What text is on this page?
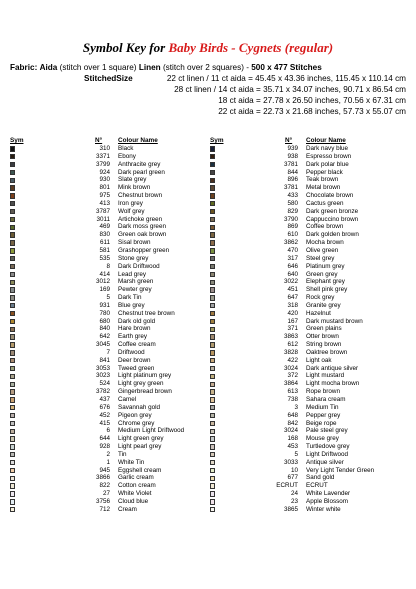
Symbol Key for Baby Birds - Cygnets (regular)
Fabric: Aida (stitch over 1 square) Linen (stitch over 2 squares) - 500 x 477 Stitches
StitchedSize	22 ct linen / 11 ct aida = 45.45 x 43.36 inches, 115.45 x 110.14 cm
28 ct linen / 14 ct aida = 35.71 x 34.07 inches, 90.71 x 86.54 cm
18 ct aida = 27.78 x 26.50 inches, 70.56 x 67.31 cm
22 ct aida = 22.73 x 21.68 inches, 57.73 x 55.07 cm
Sym	N° Colour Name	Sym	N° Colour Name
310 Black
3371 Ebony
3799 Anthracite grey
924 Dark pearl green
930 Slate grey
801 Mink brown
975 Chestnut brown
413 Iron grey
3787 Wolf grey
3011 Artichoke green
469 Dark moss green
830 Green oak brown
611 Sisal brown
581 Grashopper green
535 Stone grey
8 Dark Driftwood
414 Lead grey
3012 Marsh green
169 Pewter grey
5 Dark Tin
931 Blue grey
780 Chestnut tree brown
680 Dark old gold
840 Hare brown
642 Earth grey
3045 Coffee cream
7 Driftwood
841 Deer brown
3053 Tweed green
3023 Light platinum grey
524 Light grey green
3782 Gingerbread brown
437 Camel
676 Savannah gold
452 Pigeon grey
415 Chrome grey
6 Medium Light Driftwood
644 Light green grey
928 Light pearl grey
2 Tin
1 White Tin
945 Eggshell cream
3866 Garlic cream
822 Cotton cream
27 White Violet
3756 Cloud blue
712 Cream
939 Dark navy blue
938 Espresso brown
3781 Dark polar blue
844 Pepper black
896 Teak brown
3781 Metal brown
433 Chocolate brown
580 Cactus green
829 Dark green bronze
3790 Cappuccino brown
869 Coffee brown
610 Dark golden brown
3862 Mocha brown
470 Olive green
317 Steel grey
646 Platinum grey
640 Green grey
3022 Elephant grey
451 Shell pink grey
647 Rock grey
318 Granite grey
420 Hazelnut
167 Dark mustard brown
371 Green plains
3863 Otter brown
612 String brown
3828 Oaktree brown
422 Light oak
3024 Dark antique silver
372 Light mustard
3864 Light mocha brown
613 Rope brown
738 Sahara cream
3 Medium Tin
648 Pepper grey
842 Beige rope
3024 Pale steel grey
168 Mouse grey
453 Turtledove grey
5 Light Driftwood
3033 Antique silver
10 Very Light Tender Green
677 Sand gold
ECRUT ECRUT
24 White Lavender
23 Apple Blossom
3865 Winter white
